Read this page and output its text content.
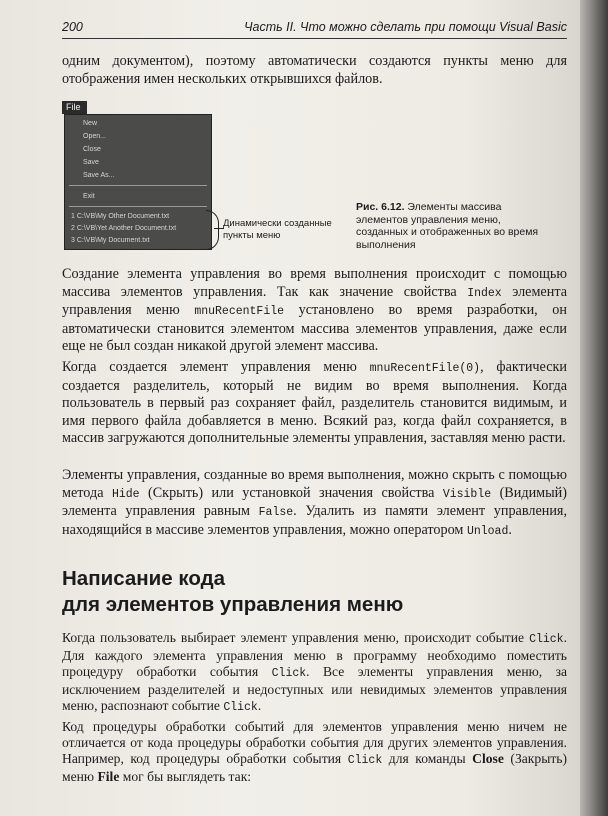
200	Часть II. Что можно сделать при помощи Visual Basic
одним документом), поэтому автоматически создаются пункты меню для отображения имен нескольких открывшихся файлов.
File
New
Open...
Close
Save
Save As...
Exit
1 C:\VB\My Other Document.txt
2 C:\VB\Yet Another Document.txt
3 C:\VB\My Document.txt
Динамически созданные пункты меню
Рис. 6.12. Элементы массива элементов управления меню, созданных и отображенных во время выполнения
Создание элемента управления во время выполнения происходит с помощью массива элементов управления. Так как значение свойства Index элемента управления меню mnuRecentFile установлено во время разработки, он автоматически становится элементом массива элементов управления, даже если еще не был создан никакой другой элемент массива.
Когда создается элемент управления меню mnuRecentFile(0), фактически создается разделитель, который не видим во время выполнения. Когда пользователь в первый раз сохраняет файл, разделитель становится видимым, и имя первого файла добавляется в меню. Всякий раз, когда файл сохраняется, в массив загружаются дополнительные элементы управления, заставляя меню расти.
Элементы управления, созданные во время выполнения, можно скрыть с помощью метода Hide (Скрыть) или установкой значения свойства Visible (Видимый) элемента управления равным False. Удалить из памяти элемент управления, находящийся в массиве элементов управления, можно оператором Unload.
Написание кода
для элементов управления меню
Когда пользователь выбирает элемент управления меню, происходит событие Click. Для каждого элемента управления меню в программу необходимо поместить процедуру обработки события Click. Все элементы управления меню, за исключением разделителей и недоступных или невидимых элементов управления меню, распознают событие Click.
Код процедуры обработки событий для элементов управления меню ничем не отличается от кода процедуры обработки события для других элементов управления. Например, код процедуры обработки события Click для команды Close (Закрыть) меню File мог бы выглядеть так:
